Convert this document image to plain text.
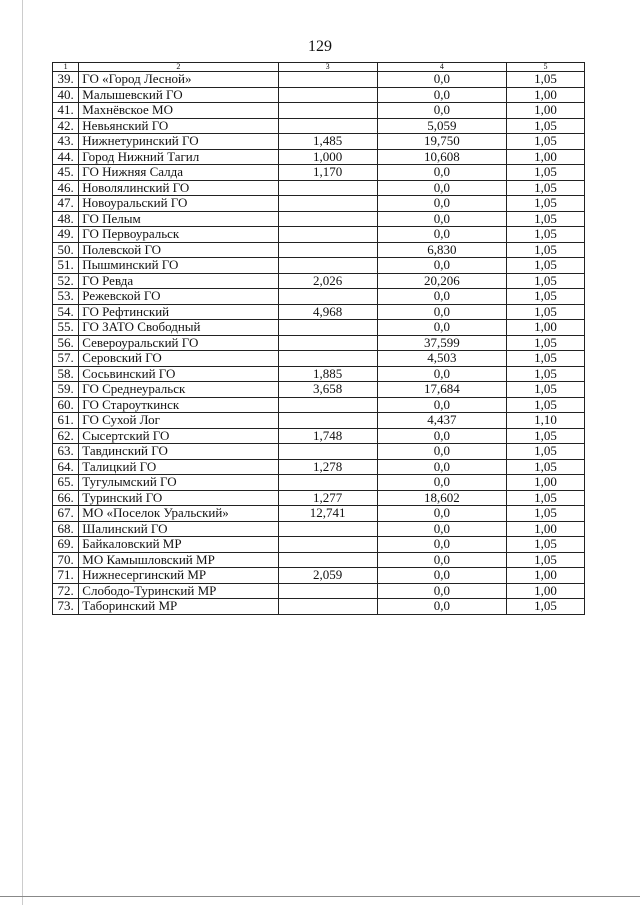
129
1	2	3	4	5
39.	ГО «Город Лесной»		0,0	1,05
40.	Малышевский ГО		0,0	1,00
41.	Махнёвское МО		0,0	1,00
42.	Невьянский ГО		5,059	1,05
43.	Нижнетуринский ГО	1,485	19,750	1,05
44.	Город Нижний Тагил	1,000	10,608	1,00
45.	ГО Нижняя Салда	1,170	0,0	1,05
46.	Новолялинский ГО		0,0	1,05
47.	Новоуральский ГО		0,0	1,05
48.	ГО Пелым		0,0	1,05
49.	ГО Первоуральск		0,0	1,05
50.	Полевской ГО		6,830	1,05
51.	Пышминский ГО		0,0	1,05
52.	ГО Ревда	2,026	20,206	1,05
53.	Режевской ГО		0,0	1,05
54.	ГО Рефтинский	4,968	0,0	1,05
55.	ГО ЗАТО Свободный		0,0	1,00
56.	Североуральский ГО		37,599	1,05
57.	Серовский ГО		4,503	1,05
58.	Сосьвинский ГО	1,885	0,0	1,05
59.	ГО Среднеуральск	3,658	17,684	1,05
60.	ГО Староуткинск		0,0	1,05
61.	ГО Сухой Лог		4,437	1,10
62.	Сысертский ГО	1,748	0,0	1,05
63.	Тавдинский ГО		0,0	1,05
64.	Талицкий ГО	1,278	0,0	1,05
65.	Тугулымский ГО		0,0	1,00
66.	Туринский ГО	1,277	18,602	1,05
67.	МО «Поселок Уральский»	12,741	0,0	1,05
68.	Шалинский ГО		0,0	1,00
69.	Байкаловский МР		0,0	1,05
70.	МО Камышловский МР		0,0	1,05
71.	Нижнесергинский МР	2,059	0,0	1,00
72.	Слободо-Туринский МР		0,0	1,00
73.	Таборинский МР		0,0	1,05
